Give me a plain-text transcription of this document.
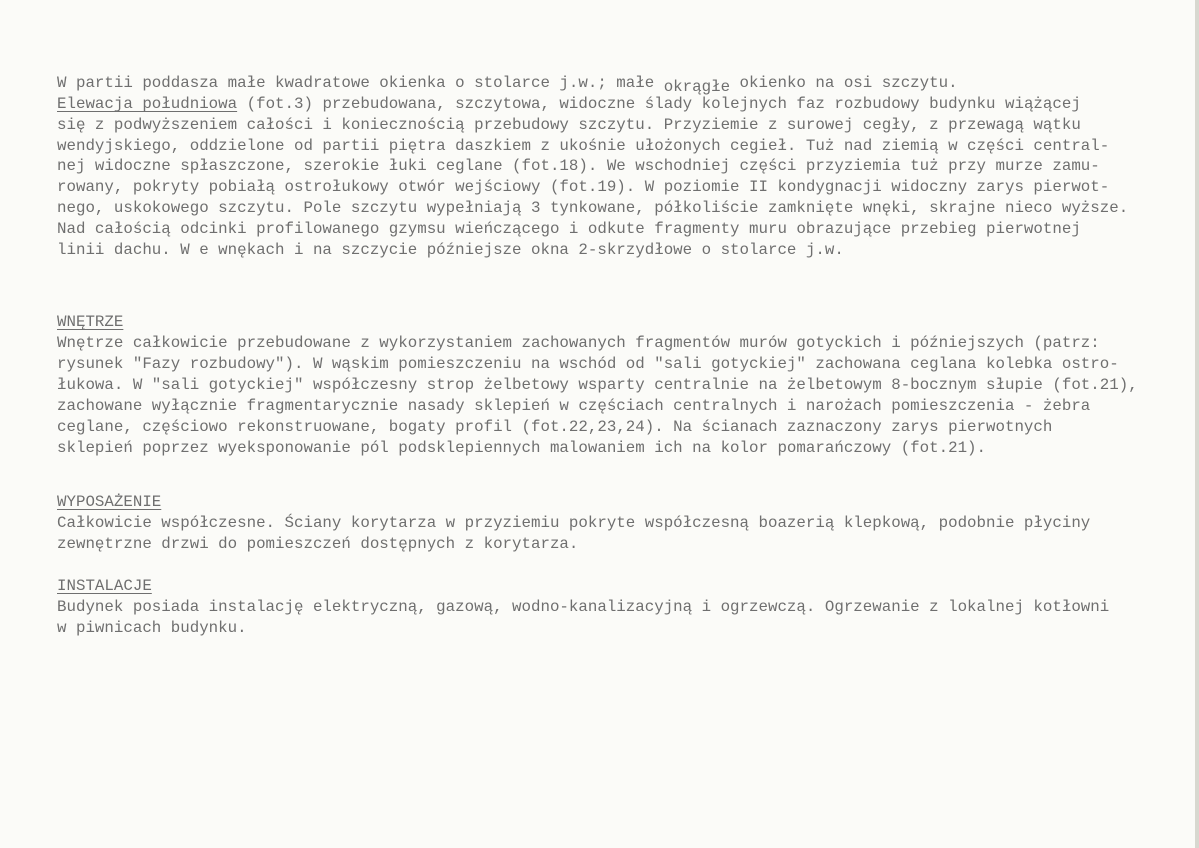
W partii poddasza małe kwadratowe okienka o stolarce j.w.; małe okrągłe okienko na osi szczytu.
Elewacja południowa (fot.3) przebudowana, szczytowa, widoczne ślady kolejnych faz rozbudowy budynku wiążącej
się z podwyższeniem całości i koniecznością przebudowy szczytu. Przyziemie z surowej cegły, z przewagą wątku
wendyjskiego, oddzielone od partii piętra daszkiem z ukośnie ułożonych cegieł. Tuż nad ziemią w części central-
nej widoczne spłaszczone, szerokie łuki ceglane (fot.18). We wschodniej części przyziemia tuż przy murze zamu-
rowany, pokryty pobiałą ostrołukowy otwór wejściowy (fot.19). W poziomie II kondygnacji widoczny zarys pierwot-
nego, uskokowego szczytu. Pole szczytu wypełniają 3 tynkowane, półkoliście zamknięte wnęki, skrajne nieco wyższe.
Nad całością odcinki profilowanego gzymsu wieńczącego i odkute fragmenty muru obrazujące przebieg pierwotnej
linii dachu. W e wnękach i na szczycie późniejsze okna 2-skrzydłowe o stolarce j.w.
WNĘTRZE
Wnętrze całkowicie przebudowane z wykorzystaniem zachowanych fragmentów murów gotyckich i późniejszych (patrz:
rysunek "Fazy rozbudowy"). W wąskim pomieszczeniu na wschód od "sali gotyckiej" zachowana ceglana kolebka ostro-
łukowa. W "sali gotyckiej" współczesny strop żelbetowy wsparty centralnie na żelbetowym 8-bocznym słupie (fot.21),
zachowane wyłącznie fragmentarycznie nasady sklepień w częściach centralnych i narożach pomieszczenia - żebra
ceglane, częściowo rekonstruowane, bogaty profil (fot.22,23,24). Na ścianach zaznaczony zarys pierwotnych
sklepień poprzez wyeksponowanie pól podsklepiennych malowaniem ich na kolor pomarańczowy (fot.21).
WYPOSAŻENIE
Całkowicie współczesne. Ściany korytarza w przyziemiu pokryte współczesną boazerią klepkową, podobnie płyciny
zewnętrzne drzwi do pomieszczeń dostępnych z korytarza.
INSTALACJE
Budynek posiada instalację elektryczną, gazową, wodno-kanalizacyjną i ogrzewczą. Ogrzewanie z lokalnej kotłowni
w piwnicach budynku.
